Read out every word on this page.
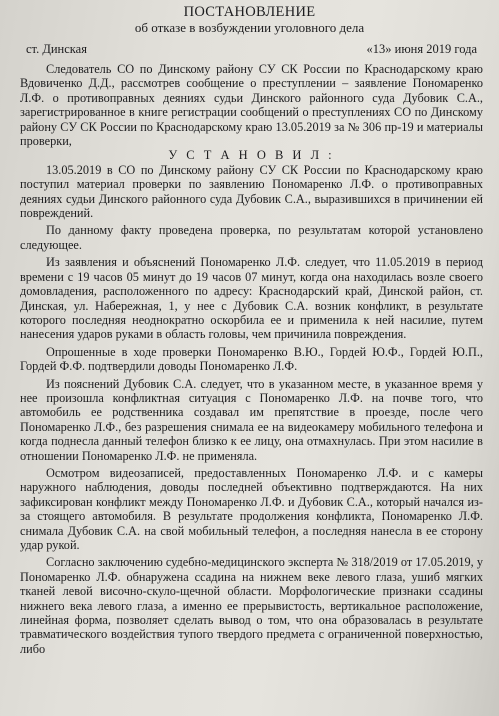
ПОСТАНОВЛЕНИЕ
об отказе в возбуждении уголовного дела
ст. Динская	«13» июня 2019 года

Следователь СО по Динскому району СУ СК России по Краснодарскому краю Вдовиченко Д.Д., рассмотрев сообщение о преступлении – заявление Пономаренко Л.Ф. о противоправных деяниях судьи Динского районного суда Дубовик С.А., зарегистрированное в книге регистрации сообщений о преступлениях СО по Динскому району СУ СК России по Краснодарскому краю 13.05.2019 за № 306 пр-19 и материалы проверки,

У С Т А Н О В И Л :

13.05.2019 в СО по Динскому району СУ СК России по Краснодарскому краю поступил материал проверки по заявлению Пономаренко Л.Ф. о противоправных деяниях судьи Динского районного суда Дубовик С.А., выразившихся в причинении ей повреждений.

По данному факту проведена проверка, по результатам которой установлено следующее.

Из заявления и объяснений Пономаренко Л.Ф. следует, что 11.05.2019 в период времени с 19 часов 05 минут до 19 часов 07 минут, когда она находилась возле своего домовладения, расположенного по адресу: Краснодарский край, Динской район, ст. Динская, ул. Набережная, 1, у нее с Дубовик С.А. возник конфликт, в результате которого последняя неоднократно оскорбила ее и применила к ней насилие, путем нанесения ударов руками в область головы, чем причинила повреждения.

Опрошенные в ходе проверки Пономаренко В.Ю., Гордей Ю.Ф., Гордей Ю.П., Гордей Ф.Ф. подтвердили доводы Пономаренко Л.Ф.

Из пояснений Дубовик С.А. следует, что в указанном месте, в указанное время у нее произошла конфликтная ситуация с Пономаренко Л.Ф. на почве того, что автомобиль ее родственника создавал им препятствие в проезде, после чего Пономаренко Л.Ф., без разрешения снимала ее на видеокамеру мобильного телефона и когда поднесла данный телефон близко к ее лицу, она отмахнулась. При этом насилие в отношении Пономаренко Л.Ф. не применяла.

Осмотром видеозаписей, предоставленных Пономаренко Л.Ф. и с камеры наружного наблюдения, доводы последней объективно подтверждаются. На них зафиксирован конфликт между Пономаренко Л.Ф. и Дубовик С.А., который начался из-за стоящего автомобиля. В результате продолжения конфликта, Пономаренко Л.Ф. снимала Дубовик С.А. на свой мобильный телефон, а последняя нанесла в ее сторону удар рукой.

Согласно заключению судебно-медицинского эксперта № 318/2019 от 17.05.2019, у Пономаренко Л.Ф. обнаружена ссадина на нижнем веке левого глаза, ушиб мягких тканей левой височно-скуло-щечной области. Морфологические признаки ссадины нижнего века левого глаза, а именно ее прерывистость, вертикальное расположение, линейная форма, позволяет сделать вывод о том, что она образовалась в результате травматического воздействия тупого твердого предмета с ограниченной поверхностью, либо
